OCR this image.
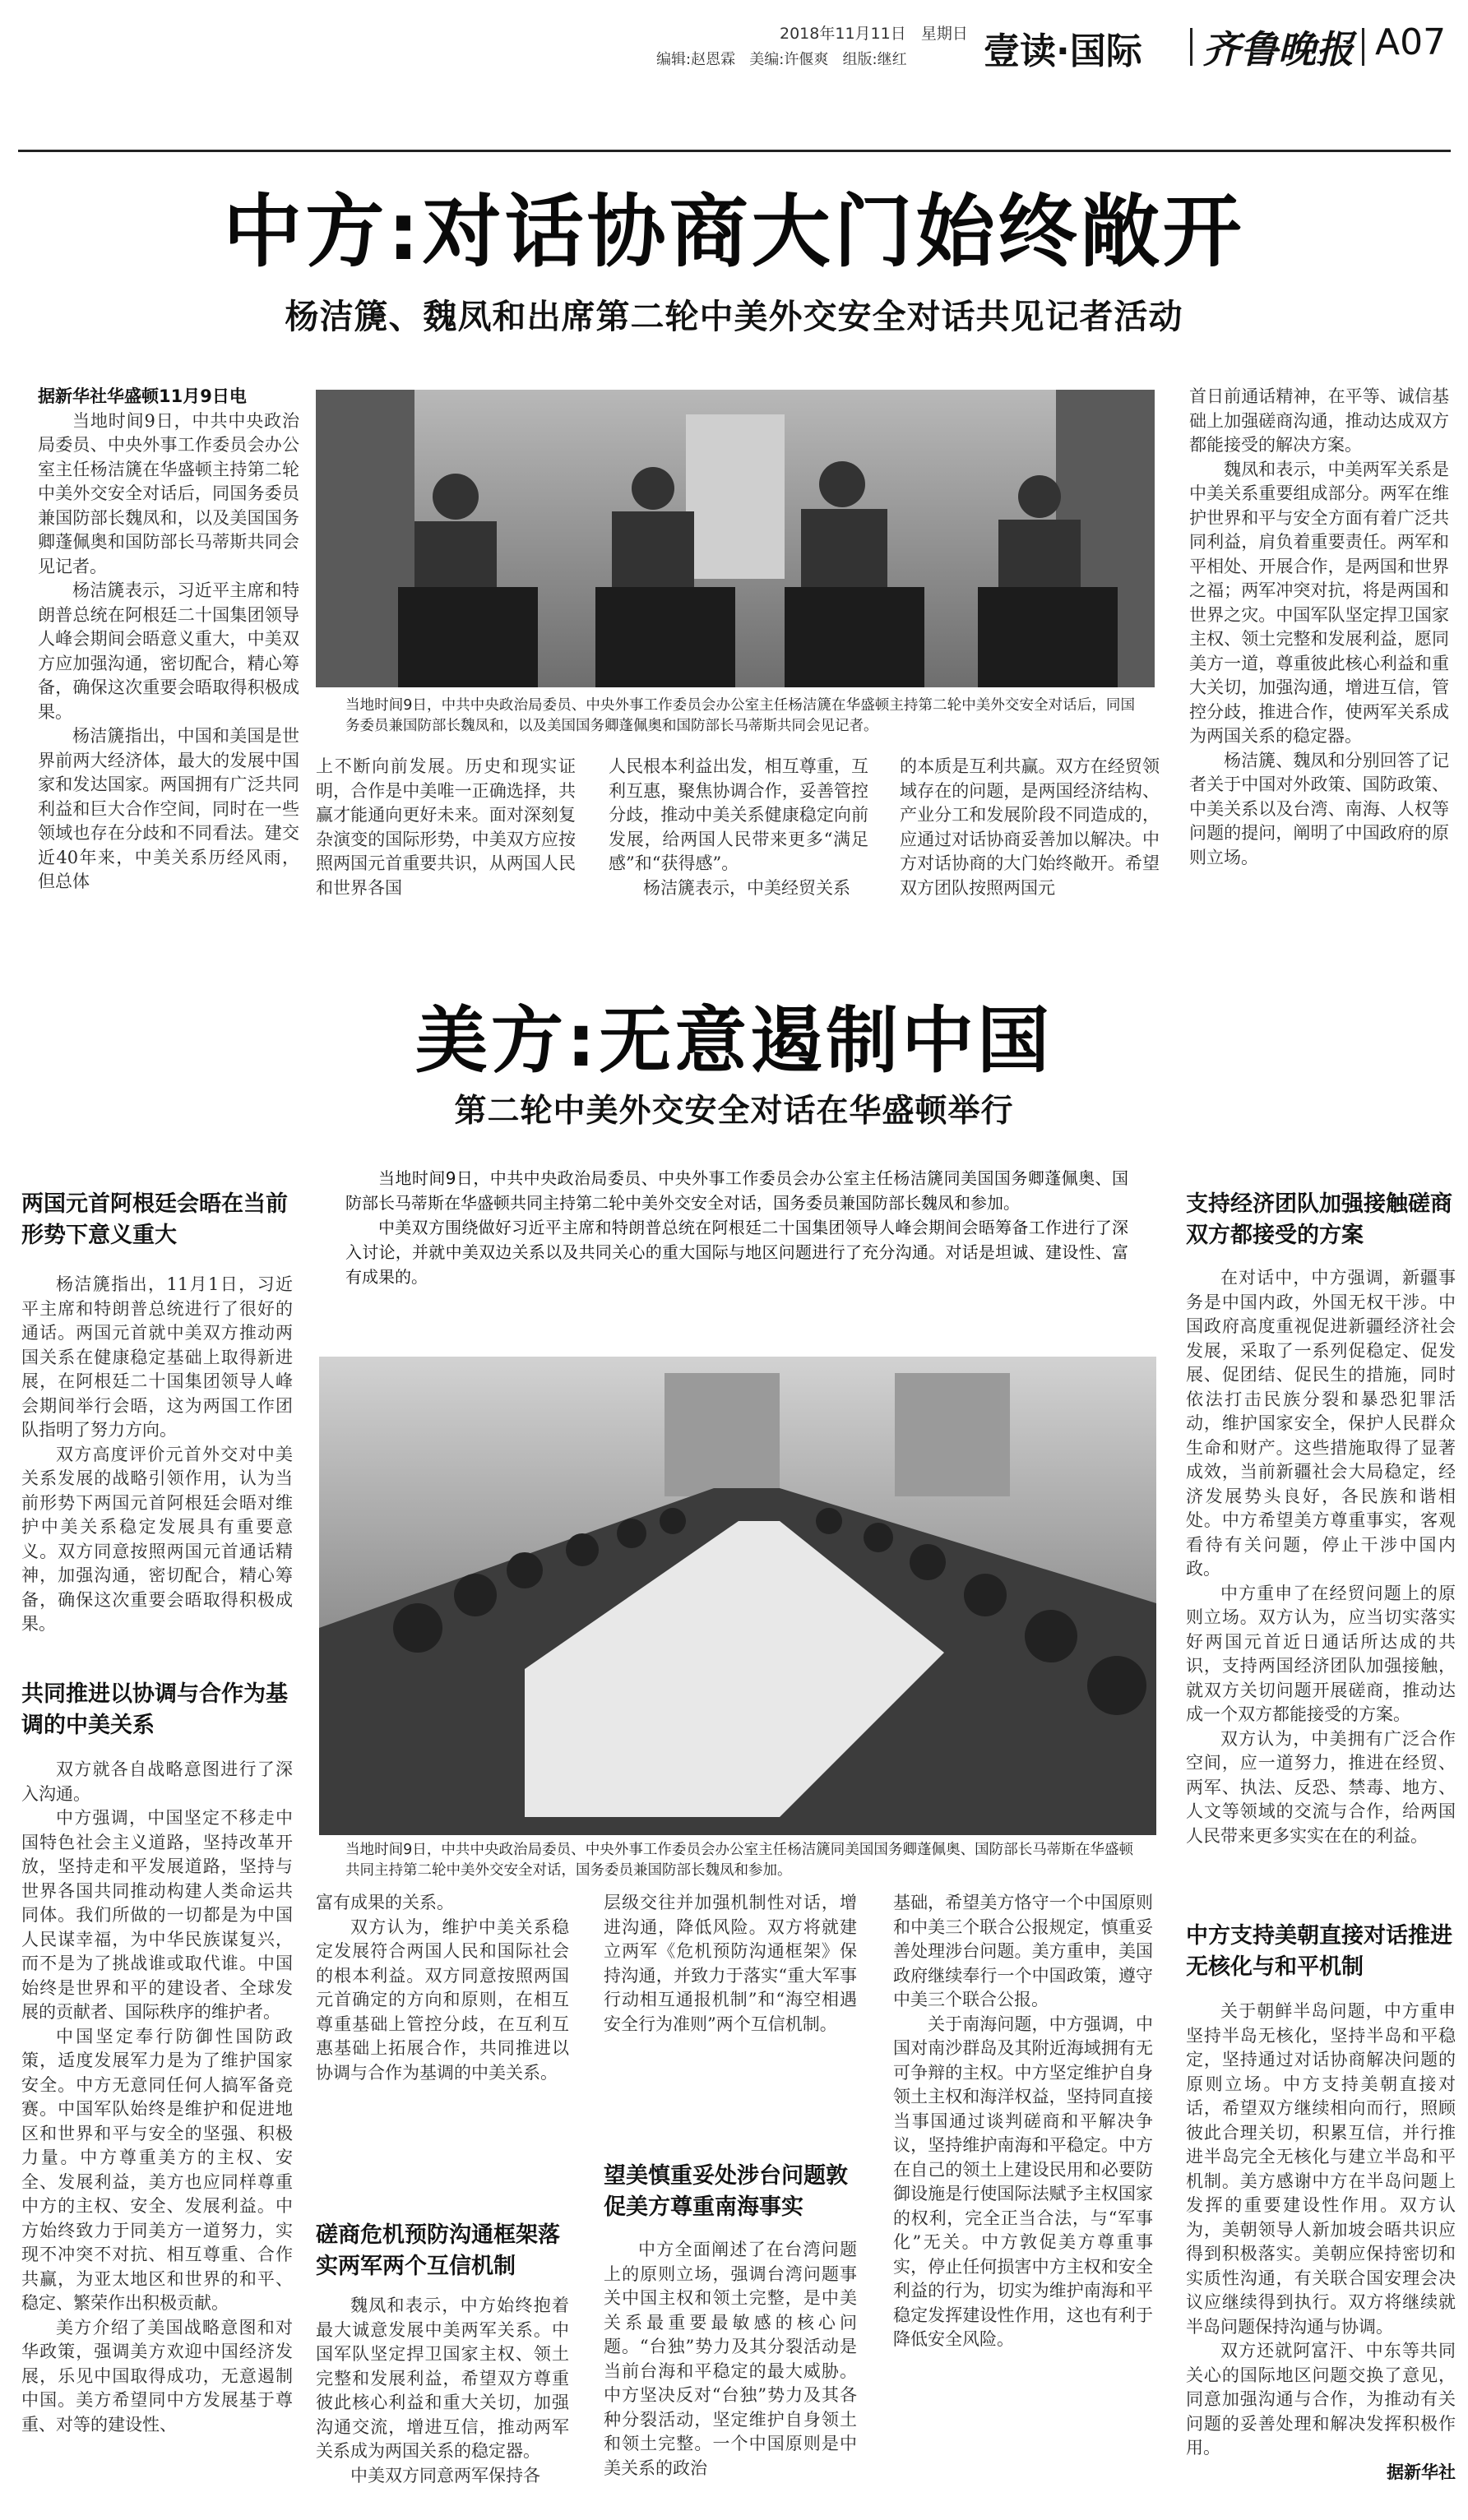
2018年11月11日 星期日
编辑:赵恩霖 美编:许偃爽 组版:继红 壹读·国际 齐鲁晚报 A07
中方:对话协商大门始终敞开
杨洁篪、魏凤和出席第二轮中美外交安全对话共见记者活动

据新华社华盛顿11月9日电

当地时间9日，中共中央政治局委员、中央外事工作委员会办公室主任杨洁篪在华盛顿主持第二轮中美外交安全对话后，同国务委员兼国防部长魏凤和，以及美国国务卿蓬佩奥和国防部长马蒂斯共同会见记者。

杨洁篪表示，习近平主席和特朗普总统在阿根廷二十国集团领导人峰会期间会晤意义重大，中美双方应加强沟通，密切配合，精心筹备，确保这次重要会晤取得积极成果。

杨洁篪指出，中国和美国是世界前两大经济体，最大的发展中国家和发达国家。两国拥有广泛共同利益和巨大合作空间，同时在一些领域也存在分歧和不同看法。建交近40年来，中美关系历经风雨，但总体

当地时间9日，中共中央政治局委员、中央外事工作委员会办公室主任杨洁篪在华盛顿主持第二轮中美外交安全对话后，同国务委员兼国防部长魏凤和，以及美国国务卿蓬佩奥和国防部长马蒂斯共同会见记者。

上不断向前发展。历史和现实证明，合作是中美唯一正确选择，共赢才能通向更好未来。面对深刻复杂演变的国际形势，中美双方应按照两国元首重要共识，从两国人民和世界各国

人民根本利益出发，相互尊重，互利互惠，聚焦协调合作，妥善管控分歧，推动中美关系健康稳定向前发展，给两国人民带来更多“满足感”和“获得感”。

杨洁篪表示，中美经贸关系

的本质是互利共赢。双方在经贸领域存在的问题，是两国经济结构、产业分工和发展阶段不同造成的，应通过对话协商妥善加以解决。中方对话协商的大门始终敞开。希望双方团队按照两国元

首日前通话精神，在平等、诚信基础上加强磋商沟通，推动达成双方都能接受的解决方案。

魏凤和表示，中美两军关系是中美关系重要组成部分。两军在维护世界和平与安全方面有着广泛共同利益，肩负着重要责任。两军和平相处、开展合作，是两国和世界之福；两军冲突对抗，将是两国和世界之灾。中国军队坚定捍卫国家主权、领土完整和发展利益，愿同美方一道，尊重彼此核心利益和重大关切，加强沟通，增进互信，管控分歧，推进合作，使两军关系成为两国关系的稳定器。

杨洁篪、魏凤和分别回答了记者关于中国对外政策、国防政策、中美关系以及台湾、南海、人权等问题的提问，阐明了中国政府的原则立场。

美方:无意遏制中国
第二轮中美外交安全对话在华盛顿举行

当地时间9日，中共中央政治局委员、中央外事工作委员会办公室主任杨洁篪同美国国务卿蓬佩奥、国防部长马蒂斯在华盛顿共同主持第二轮中美外交安全对话，国务委员兼国防部长魏凤和参加。

中美双方围绕做好习近平主席和特朗普总统在阿根廷二十国集团领导人峰会期间会晤筹备工作进行了深入讨论，并就中美双边关系以及共同关心的重大国际与地区问题进行了充分沟通。对话是坦诚、建设性、富有成果的。

当地时间9日，中共中央政治局委员、中央外事工作委员会办公室主任杨洁篪同美国国务卿蓬佩奥、国防部长马蒂斯在华盛顿共同主持第二轮中美外交安全对话，国务委员兼国防部长魏凤和参加。
两国元首阿根廷会晤在当前形势下意义重大

杨洁篪指出，11月1日，习近平主席和特朗普总统进行了很好的通话。两国元首就中美双方推动两国关系在健康稳定基础上取得新进展，在阿根廷二十国集团领导人峰会期间举行会晤，这为两国工作团队指明了努力方向。

双方高度评价元首外交对中美关系发展的战略引领作用，认为当前形势下两国元首阿根廷会晤对维护中美关系稳定发展具有重要意义。双方同意按照两国元首通话精神，加强沟通，密切配合，精心筹备，确保这次重要会晤取得积极成果。

共同推进以协调与合作为基调的中美关系

双方就各自战略意图进行了深入沟通。

中方强调，中国坚定不移走中国特色社会主义道路，坚持改革开放，坚持走和平发展道路，坚持与世界各国共同推动构建人类命运共同体。我们所做的一切都是为中国人民谋幸福，为中华民族谋复兴，而不是为了挑战谁或取代谁。中国始终是世界和平的建设者、全球发展的贡献者、国际秩序的维护者。

中国坚定奉行防御性国防政策，适度发展军力是为了维护国家安全。中方无意同任何人搞军备竞赛。中国军队始终是维护和促进地区和世界和平与安全的坚强、积极力量。中方尊重美方的主权、安全、发展利益，美方也应同样尊重中方的主权、安全、发展利益。中方始终致力于同美方一道努力，实现不冲突不对抗、相互尊重、合作共赢，为亚太地区和世界的和平、稳定、繁荣作出积极贡献。

美方介绍了美国战略意图和对华政策，强调美方欢迎中国经济发展，乐见中国取得成功，无意遏制中国。美方希望同中方发展基于尊重、对等的建设性、

富有成果的关系。

双方认为，维护中美关系稳定发展符合两国人民和国际社会的根本利益。双方同意按照两国元首确定的方向和原则，在相互尊重基础上管控分歧，在互利互惠基础上拓展合作，共同推进以协调与合作为基调的中美关系。

磋商危机预防沟通框架落实两军两个互信机制

魏凤和表示，中方始终抱着最大诚意发展中美两军关系。中国军队坚定捍卫国家主权、领土完整和发展利益，希望双方尊重彼此核心利益和重大关切，加强沟通交流，增进互信，推动两军关系成为两国关系的稳定器。

中美双方同意两军保持各

层级交往并加强机制性对话，增进沟通，降低风险。双方将就建立两军《危机预防沟通框架》保持沟通，并致力于落实“重大军事行动相互通报机制”和“海空相遇安全行为准则”两个互信机制。

望美慎重妥处涉台问题敦促美方尊重南海事实

中方全面阐述了在台湾问题上的原则立场，强调台湾问题事关中国主权和领土完整，是中美关系最重要最敏感的核心问题。“台独”势力及其分裂活动是当前台海和平稳定的最大威胁。中方坚决反对“台独”势力及其各种分裂活动，坚定维护自身领土和领土完整。一个中国原则是中美关系的政治

基础，希望美方恪守一个中国原则和中美三个联合公报规定，慎重妥善处理涉台问题。美方重申，美国政府继续奉行一个中国政策，遵守中美三个联合公报。

关于南海问题，中方强调，中国对南沙群岛及其附近海域拥有无可争辩的主权。中方坚定维护自身领土主权和海洋权益，坚持同直接当事国通过谈判磋商和平解决争议，坚持维护南海和平稳定。中方在自己的领土上建设民用和必要防御设施是行使国际法赋予主权国家的权利，完全正当合法，与“军事化”无关。中方敦促美方尊重事实，停止任何损害中方主权和安全利益的行为，切实为维护南海和平稳定发挥建设性作用，这也有利于降低安全风险。

支持经济团队加强接触磋商双方都接受的方案

在对话中，中方强调，新疆事务是中国内政，外国无权干涉。中国政府高度重视促进新疆经济社会发展，采取了一系列促稳定、促发展、促团结、促民生的措施，同时依法打击民族分裂和暴恐犯罪活动，维护国家安全，保护人民群众生命和财产。这些措施取得了显著成效，当前新疆社会大局稳定，经济发展势头良好，各民族和谐相处。中方希望美方尊重事实，客观看待有关问题，停止干涉中国内政。

中方重申了在经贸问题上的原则立场。双方认为，应当切实落实好两国元首近日通话所达成的共识，支持两国经济团队加强接触，就双方关切问题开展磋商，推动达成一个双方都能接受的方案。

双方认为，中美拥有广泛合作空间，应一道努力，推进在经贸、两军、执法、反恐、禁毒、地方、人文等领域的交流与合作，给两国人民带来更多实实在在的利益。

中方支持美朝直接对话推进无核化与和平机制

关于朝鲜半岛问题，中方重申坚持半岛无核化，坚持半岛和平稳定，坚持通过对话协商解决问题的原则立场。中方支持美朝直接对话，希望双方继续相向而行，照顾彼此合理关切，积累互信，并行推进半岛完全无核化与建立半岛和平机制。美方感谢中方在半岛问题上发挥的重要建设性作用。双方认为，美朝领导人新加坡会晤共识应得到积极落实。美朝应保持密切和实质性沟通，有关联合国安理会决议应继续得到执行。双方将继续就半岛问题保持沟通与协调。

双方还就阿富汗、中东等共同关心的国际地区问题交换了意见，同意加强沟通与合作，为推动有关问题的妥善处理和解决发挥积极作用。

据新华社
